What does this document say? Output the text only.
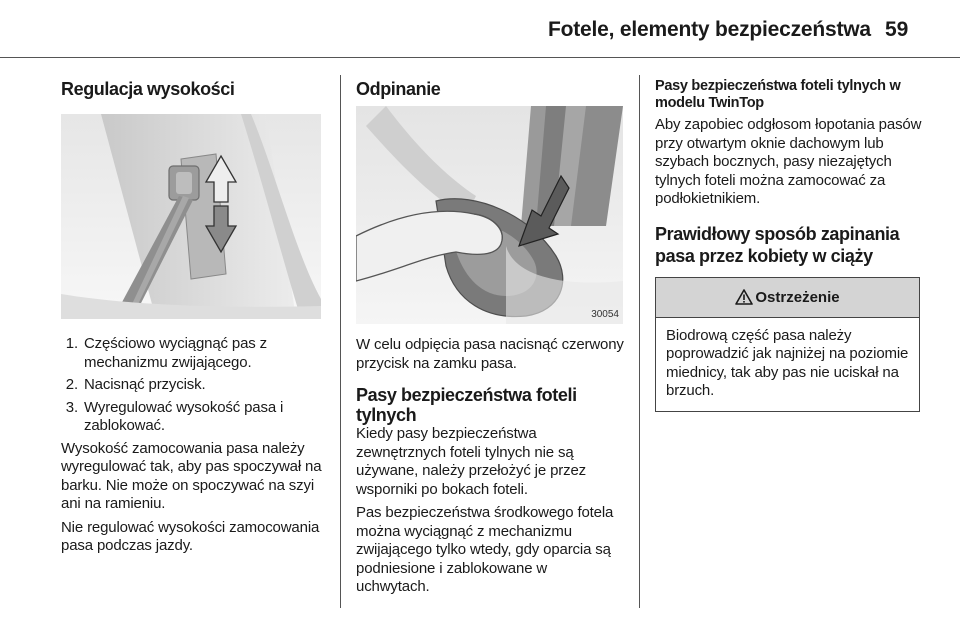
Fotele, elementy bezpieczeństwa 59
Regulacja wysokości
1. Częściowo wyciągnąć pas z mechanizmu zwijającego.
2. Nacisnąć przycisk.
3. Wyregulować wysokość pasa i zablokować.

Wysokość zamocowania pasa należy wyregulować tak, aby pas spoczywał na barku. Nie może on spoczywać na szyi ani na ramieniu.

Nie regulować wysokości zamocowania pasa podczas jazdy.

Odpinanie
30054

W celu odpięcia pasa nacisnąć czerwony przycisk na zamku pasa.

Pasy bezpieczeństwa foteli tylnych

Kiedy pasy bezpieczeństwa zewnętrznych foteli tylnych nie są używane, należy przełożyć je przez wsporniki po bokach foteli.

Pas bezpieczeństwa środkowego fotela można wyciągnąć z mechanizmu zwijającego tylko wtedy, gdy oparcia są podniesione i zablokowane w uchwytach.

Pasy bezpieczeństwa foteli tylnych w modelu TwinTop

Aby zapobiec odgłosom łopotania pasów przy otwartym oknie dachowym lub szybach bocznych, pasy niezajętych tylnych foteli można zamocować za podłokietnikiem.

Prawidłowy sposób zapinania pasa przez kobiety w ciąży
Ostrzeżenie

Biodrową część pasa należy poprowadzić jak najniżej na poziomie miednicy, tak aby pas nie uciskał na brzuch.
